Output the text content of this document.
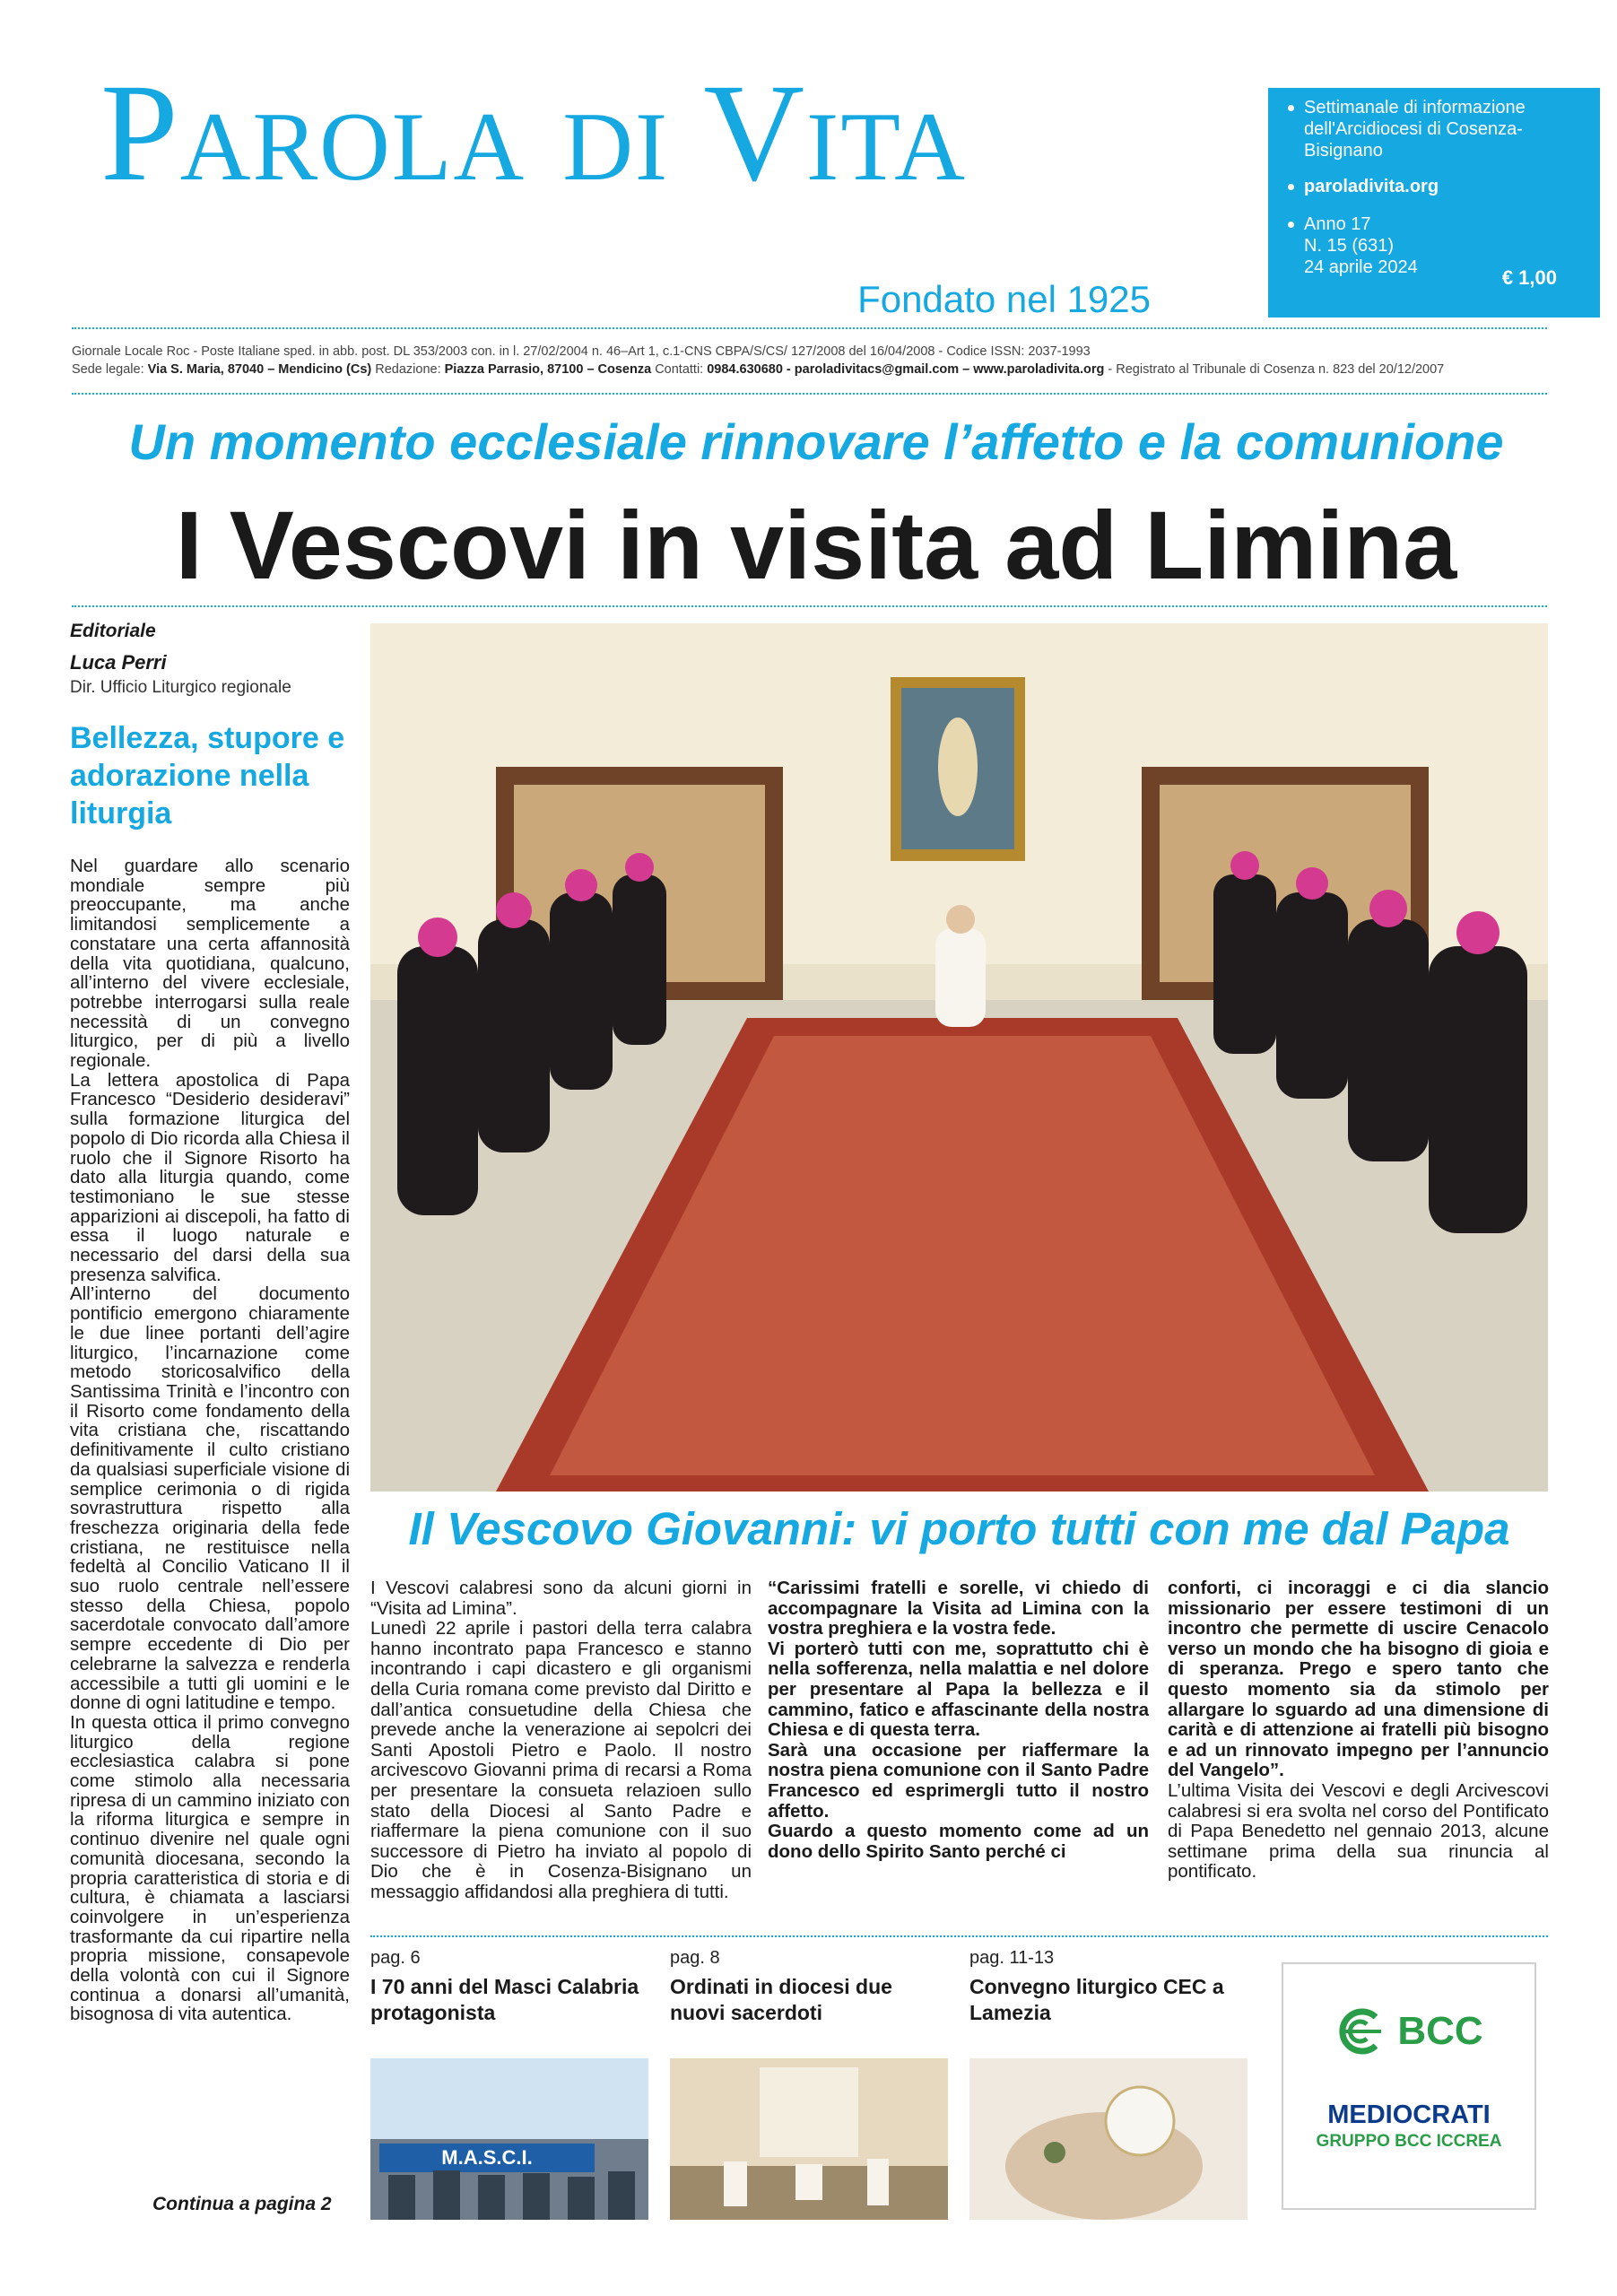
Parola di Vita
Fondato nel 1925
Settimanale di informazione dell'Arcidiocesi di Cosenza-Bisignano
paroladivita.org
Anno 17
N. 15 (631)
24 aprile 2024	€ 1,00
Giornale Locale Roc - Poste Italiane sped. in abb. post. DL 353/2003 con. in l. 27/02/2004 n. 46–Art 1, c.1-CNS CBPA/S/CS/ 127/2008 del 16/04/2008 - Codice ISSN: 2037-1993
Sede legale: Via S. Maria, 87040 – Mendicino (Cs) Redazione: Piazza Parrasio, 87100 – Cosenza Contatti: 0984.630680 - paroladivitacs@gmail.com – www.paroladivita.org - Registrato al Tribunale di Cosenza n. 823 del 20/12/2007
Un momento ecclesiale rinnovare l’affetto e la comunione
I Vescovi in visita ad Limina
Editoriale
Luca Perri
Dir. Ufficio Liturgico regionale
Bellezza, stupore e adorazione nella liturgia

Nel guardare allo scenario mondiale sempre più preoccupante, ma anche limitandosi semplicemente a constatare una certa affannosità della vita quotidiana, qualcuno, all’interno del vivere ecclesiale, potrebbe interrogarsi sulla reale necessità di un convegno liturgico, per di più a livello regionale.

La lettera apostolica di Papa Francesco “Desiderio desideravi” sulla formazione liturgica del popolo di Dio ricorda alla Chiesa il ruolo che il Signore Risorto ha dato alla liturgia quando, come testimoniano le sue stesse apparizioni ai discepoli, ha fatto di essa il luogo naturale e necessario del darsi della sua presenza salvifica.

All’interno del documento pontificio emergono chiaramente le due linee portanti dell’agire liturgico, l’incarnazione come metodo storicosalvifico della Santissima Trinità e l’incontro con il Risorto come fondamento della vita cristiana che, riscattando definitivamente il culto cristiano da qualsiasi superficiale visione di semplice cerimonia o di rigida sovrastruttura rispetto alla freschezza originaria della fede cristiana, ne restituisce nella fedeltà al Concilio Vaticano II il suo ruolo centrale nell’essere stesso della Chiesa, popolo sacerdotale convocato dall’amore sempre eccedente di Dio per celebrarne la salvezza e renderla accessibile a tutti gli uomini e le donne di ogni latitudine e tempo.

In questa ottica il primo convegno liturgico della regione ecclesiastica calabra si pone come stimolo alla necessaria ripresa di un cammino iniziato con la riforma liturgica e sempre in continuo divenire nel quale ogni comunità diocesana, secondo la propria caratteristica di storia e di cultura, è chiamata a lasciarsi coinvolgere in un’esperienza trasformante da cui ripartire nella propria missione, consapevole della volontà con cui il Signore continua a donarsi all’umanità, bisognosa di vita autentica.

Continua a pagina 2
Il Vescovo Giovanni: vi porto tutti con me dal Papa

I Vescovi calabresi sono da alcuni giorni in “Visita ad Limina”.

Lunedì 22 aprile i pastori della terra calabra hanno incontrato papa Francesco e stanno incontrando i capi dicastero e gli organismi della Curia romana come previsto dal Diritto e dall’antica consuetudine della Chiesa che prevede anche la venerazione ai sepolcri dei Santi Apostoli Pietro e Paolo. Il nostro arcivescovo Giovanni prima di recarsi a Roma per presentare la consueta relazioen sullo stato della Diocesi al Santo Padre e riaffermare la piena comunione con il suo successore di Pietro ha inviato al popolo di Dio che è in Cosenza-Bisignano un messaggio affidandosi alla preghiera di tutti.

“Carissimi fratelli e sorelle, vi chiedo di accompagnare la Visita ad Limina con la vostra preghiera e la vostra fede.

Vi porterò tutti con me, soprattutto chi è nella sofferenza, nella malattia e nel dolore per presentare al Papa la bellezza e il cammino, fatico e affascinante della nostra Chiesa e di questa terra.

Sarà una occasione per riaffermare la nostra piena comunione con il Santo Padre Francesco ed esprimergli tutto il nostro affetto.

Guardo a questo momento come ad un dono dello Spirito Santo perché ci

conforti, ci incoraggi e ci dia slancio missionario per essere testimoni di un incontro che permette di uscire Cenacolo verso un mondo che ha bisogno di gioia e di speranza. Prego e spero tanto che questo momento sia da stimolo per allargare lo sguardo ad una dimensione di carità e di attenzione ai fratelli più bisogno e ad un rinnovato impegno per l’annuncio del Vangelo”.

L’ultima Visita dei Vescovi e degli Arcivescovi calabresi si era svolta nel corso del Pontificato di Papa Benedetto nel gennaio 2013, alcune settimane prima della sua rinuncia al pontificato.

pag. 6
I 70 anni del Masci Calabria protagonista
pag. 8
Ordinati in diocesi due nuovi sacerdoti
pag. 11-13
Convegno liturgico CEC a Lamezia
M.A.S.C.I.
BCC
MEDIOCRATI
GRUPPO BCC ICCREA
